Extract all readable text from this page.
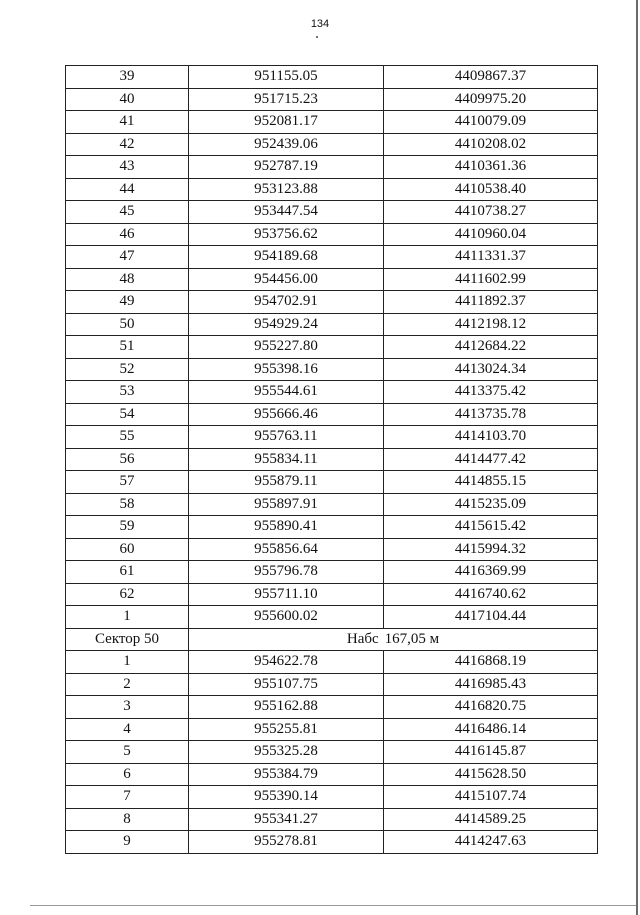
134
39	951155.05	4409867.37
40	951715.23	4409975.20
41	952081.17	4410079.09
42	952439.06	4410208.02
43	952787.19	4410361.36
44	953123.88	4410538.40
45	953447.54	4410738.27
46	953756.62	4410960.04
47	954189.68	4411331.37
48	954456.00	4411602.99
49	954702.91	4411892.37
50	954929.24	4412198.12
51	955227.80	4412684.22
52	955398.16	4413024.34
53	955544.61	4413375.42
54	955666.46	4413735.78
55	955763.11	4414103.70
56	955834.11	4414477.42
57	955879.11	4414855.15
58	955897.91	4415235.09
59	955890.41	4415615.42
60	955856.64	4415994.32
61	955796.78	4416369.99
62	955711.10	4416740.62
1	955600.02	4417104.44
Сектор 50	Набс 167,05 м	
1	954622.78	4416868.19
2	955107.75	4416985.43
3	955162.88	4416820.75
4	955255.81	4416486.14
5	955325.28	4416145.87
6	955384.79	4415628.50
7	955390.14	4415107.74
8	955341.27	4414589.25
9	955278.81	4414247.63
